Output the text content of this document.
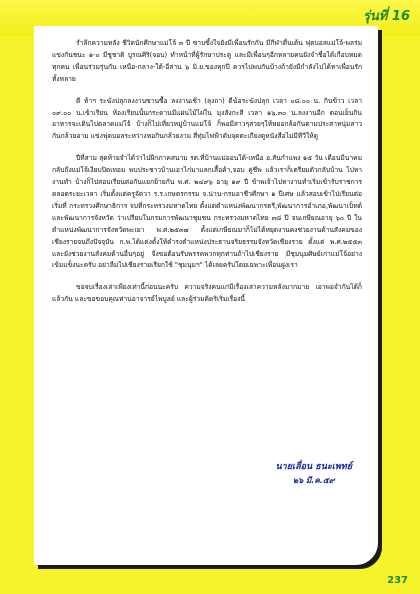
รุ่นที่ 16

รำลึกความหลัง ชีวิตนักศึกษาแม่โจ้ ๓ ปี ซาบซึ้งใจยังมีเพื่อนรักกัน มีกีฬาตื่นเต้น ฟุตบอลแม่โจ้-พลร่ม แข่งกันชนะ ๑-๐ มีชูชาติ บูรณศิริ(จอบ) ทำหน้าที่ผู้รักษาประตู และมีเพื่อนๆอีกหลายคนยังจำชื่อได้เกือบหมดทุกคน เพื่อนร่วมรุ่นกัน เหนือ-กลาง-ใต้-อีสาน ๖ มิ.ย.ของทุกปี ควรไปพบกันบ้างถ้ายังมีกำลังไปได้หาเพื่อนรัก ทั้งหลาย

ตี ห้าฯ ระฆังปลุกลงงานซานซื้อ ลงงานเช้า (ลุงถา) ตีฆ้อระฆังปลุก เวลา ๐๘.๐๐ น. กินข้าว เวลา ๐๙.๐๐ น.เข้าเรียน ห้องเรียนนั้นกระดานมีแผ่นไม้ไผ่ใน มุงสังกะสี เวลา ๑๖.๓๐ น.ลงงานอีก ตอนเย็นกินอาหารจะเดินไปตลาดแม่โจ้ บ้างก็ไปเที่ยวหมู่บ้านแม่โจ้ ก็พอมีสาวๆสวยๆให้หยอกล้อกันตามประสาหนุ่มสาวกันกล้วยอาม แข่งฟุตบอลระหว่างหอกินกล้วยงาม สี่ทุ่มไฟฟ้าดับจุดตะเกียงดูหนังสือไม่มีทีวีให้ดู

ปีที่สาม สุดท้ายจำได้ว่าไปฝึกภาคสนาม รต.ที่บ้านแม่ออนใต้-เหนือ อ.สันกำแพง ๑๕ วัน เดือนมีนาคม กลับถึงแม่โจ้เงียบปิดเทอม พบประชาวบ้านเอาไก่มาแลกเสื้อค้า,จอบ คู่ชีพ แล้วเราก็เตรียมตัวกลับบ้าน ไปหางานทำ บ้างก็ไปสอบเรียนต่อกันแยกย้ายกัน พ.ศ. ๒๔๙๖ อายุ ๑๙ ปี ข้าพเจ้าไปหางานทำเริ่มเข้ารับราชการ ตลอดระยะเวลา เริ่มตั้งแต่ครูจัดวา ร.ร.เกษตรกรรม จ.น่าน-กรมอาชีวศึกษา ๑ ปีเศษ แล้วสอบเข้าไปเรียนต่อ เริ่มที่ กระทรวงศึกษาธิการ จบที่กระทรวงมหาดไทย ตั้งแต่ตำแหน่งพัฒนากรตรี,พัฒนาการอำเภอ,พัฒนาเบ็ทต์ และพัฒนาการจังหวัด ว่าเปรียบในกรมการพัฒนาชุมชน กระทรวงมหาดไทย ๓๘ ปี จนเกษียณอายุ ๖๐ ปี ในตำแหน่งพัฒนาการจังหวัดพะเยา พ.ศ.๒๕๓๗ ตั้งแต่เกษียณมาก็ไม่ได้หยุดงานคงช่วยงานด้านสังคมของเชียงรายจนถึงปัจจุบัน ก.พ.ได้แต่งตั้งให้ดำรงตำแหน่งประธานจริยธรรมจังหวัดเชียงราย ตั้งแต่ พ.ศ.๒๕๕๓ และยังช่วยงานสังคมด้านอื่นๆอยู่ จึงขอต้อนรับพรรคพวกทุกท่านถ้าไปเชียงราย มีชุมนุมศิษย์เก่าแม่โจ้อย่างเข้มแข็งนะครับ อย่าลืมไปเชียงรายเรียกใช้ "ชุมนุมฯ" ได้เลยครับโดยเฉพาะเพื่อนฝูงเรา

ขอจบเรื่องเล่าเพียงเท่านี้ก่อนนะครับ ความจริงคนแก่มีเรื่องเล่าความหลังมากมาย เอาพอจำกันได้ก็แล้วกัน และขอขอบคุณท่านอาจารย์ไพบูลย์ และผู้ร่วมคิดริเริ่มเรื่องนี้

นายเลื่อน ธนะเพทย์
๒๖ มี.ค.๕๙
237
